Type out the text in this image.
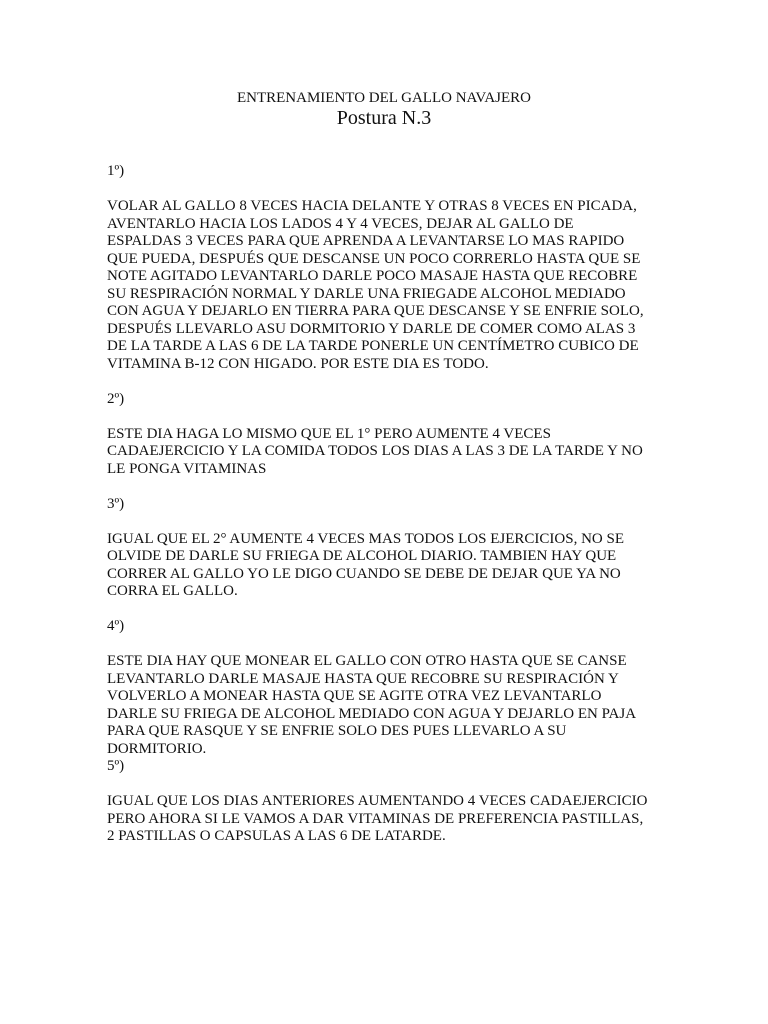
ENTRENAMIENTO DEL GALLO NAVAJERO
Postura N.3

1º)

VOLAR AL GALLO 8 VECES HACIA DELANTE Y OTRAS 8 VECES EN PICADA,
AVENTARLO HACIA LOS LADOS 4 Y 4 VECES, DEJAR AL GALLO DE
ESPALDAS 3 VECES PARA QUE APRENDA A LEVANTARSE LO MAS RAPIDO
QUE PUEDA, DESPUÉS QUE DESCANSE UN POCO CORRERLO HASTA QUE SE
NOTE AGITADO LEVANTARLO DARLE POCO MASAJE HASTA QUE RECOBRE
SU RESPIRACIÓN NORMAL Y DARLE UNA FRIEGADE ALCOHOL MEDIADO
CON AGUA Y DEJARLO EN TIERRA PARA QUE DESCANSE Y SE ENFRIE SOLO,
DESPUÉS LLEVARLO ASU DORMITORIO Y DARLE DE COMER COMO ALAS 3
DE LA TARDE A LAS 6 DE LA TARDE PONERLE UN CENTÍMETRO CUBICO DE
VITAMINA B-12 CON HIGADO. POR ESTE DIA ES TODO.

2º)

ESTE DIA HAGA LO MISMO QUE EL 1° PERO AUMENTE 4 VECES
CADAEJERCICIO Y LA COMIDA TODOS LOS DIAS A LAS 3 DE LA TARDE Y NO
LE PONGA VITAMINAS

3º)

IGUAL QUE EL 2° AUMENTE 4 VECES MAS TODOS LOS EJERCICIOS, NO SE
OLVIDE DE DARLE SU FRIEGA DE ALCOHOL DIARIO. TAMBIEN HAY QUE
CORRER AL GALLO YO LE DIGO CUANDO SE DEBE DE DEJAR QUE YA NO
CORRA EL GALLO.

4º)

ESTE DIA HAY QUE MONEAR EL GALLO CON OTRO HASTA QUE SE CANSE
LEVANTARLO DARLE MASAJE HASTA QUE RECOBRE SU RESPIRACIÓN Y
VOLVERLO A MONEAR HASTA QUE SE AGITE OTRA VEZ LEVANTARLO
DARLE SU FRIEGA DE ALCOHOL MEDIADO CON AGUA Y DEJARLO EN PAJA
PARA QUE RASQUE Y SE ENFRIE SOLO DES PUES LLEVARLO A SU
DORMITORIO.

5º)

IGUAL QUE LOS DIAS ANTERIORES AUMENTANDO 4 VECES CADAEJERCICIO
PERO AHORA SI LE VAMOS A DAR VITAMINAS DE PREFERENCIA PASTILLAS,
2 PASTILLAS O CAPSULAS A LAS 6 DE LATARDE.
